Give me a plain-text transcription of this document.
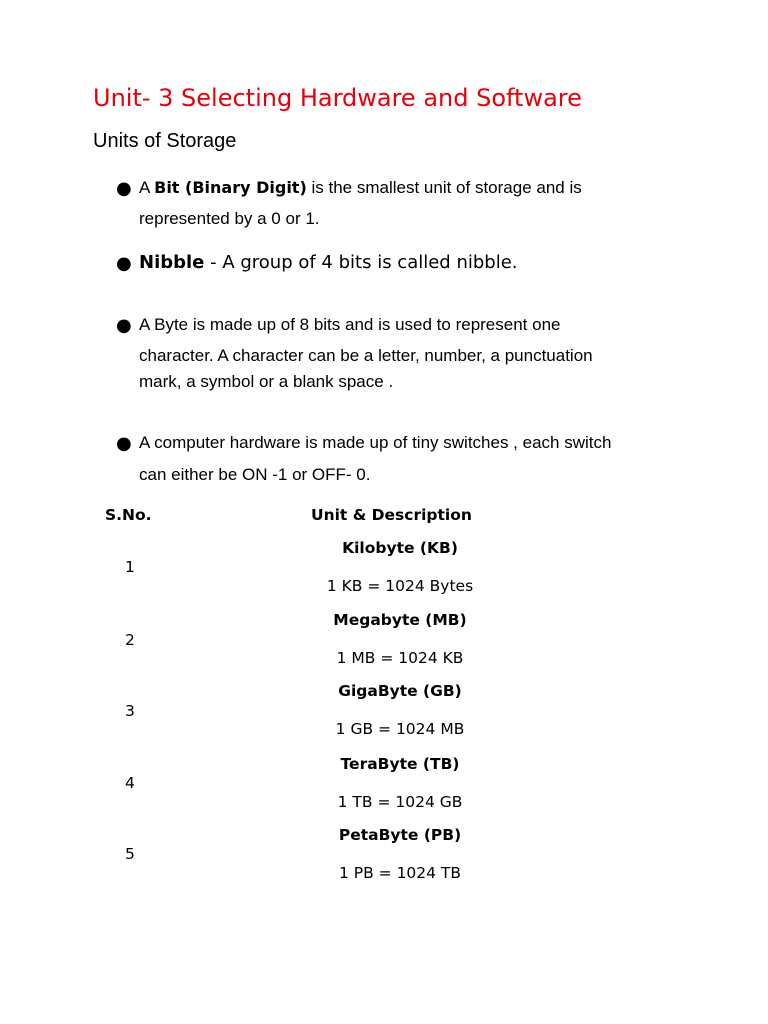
Unit- 3 Selecting Hardware and Software
Units of Storage
● A Bit (Binary Digit) is the smallest unit of storage and is
represented by a 0 or 1.
● Nibble - A group of 4 bits is called nibble.
● A Byte is made up of 8 bits and is used to represent one
character. A character can be a letter, number, a punctuation
mark, a symbol or a blank space .
● A computer hardware is made up of tiny switches , each switch
can either be ON -1 or OFF- 0.
S.No.	Unit & Description
1
Kilobyte (KB)
1 KB = 1024 Bytes
2
Megabyte (MB)
1 MB = 1024 KB
3
GigaByte (GB)
1 GB = 1024 MB
4
TeraByte (TB)
1 TB = 1024 GB
5
PetaByte (PB)
1 PB = 1024 TB
